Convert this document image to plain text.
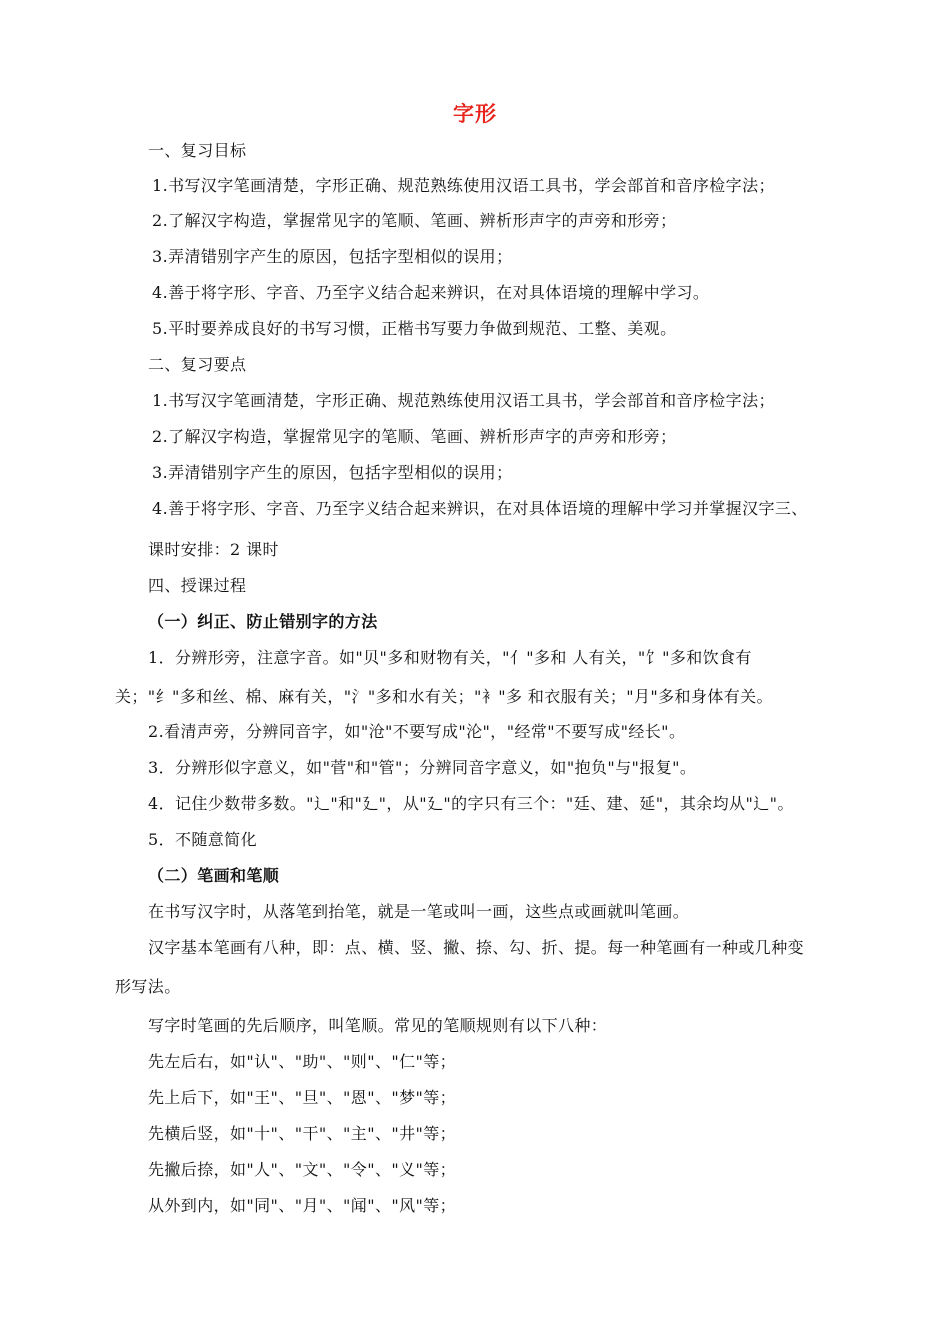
字形
一、复习目标
1.书写汉字笔画清楚，字形正确、规范熟练使用汉语工具书，学会部首和音序检字法；
2.了解汉字构造，掌握常见字的笔顺、笔画、辨析形声字的声旁和形旁；
3.弄清错别字产生的原因，包括字型相似的误用；
4.善于将字形、字音、乃至字义结合起来辨识，在对具体语境的理解中学习。
5.平时要养成良好的书写习惯，正楷书写要力争做到规范、工整、美观。
二、复习要点
1.书写汉字笔画清楚，字形正确、规范熟练使用汉语工具书，学会部首和音序检字法；
2.了解汉字构造，掌握常见字的笔顺、笔画、辨析形声字的声旁和形旁；
3.弄清错别字产生的原因，包括字型相似的误用；
4.善于将字形、字音、乃至字义结合起来辨识，在对具体语境的理解中学习并掌握汉字三、
课时安排：2 课时
四、授课过程
（一）纠正、防止错别字的方法
1．分辨形旁，注意字音。如"贝"多和财物有关，"亻"多和 人有关，"饣"多和饮食有
关；"纟"多和丝、棉、麻有关，"氵"多和水有关；"衤"多 和衣服有关；"月"多和身体有关。
2.看清声旁，分辨同音字，如"沧"不要写成"沦"，"经常"不要写成"经长"。
3．分辨形似字意义，如"菅"和"管"；分辨同音字意义，如"抱负"与"报复"。
4．记住少数带多数。"辶"和"廴"，从"廴"的字只有三个："廷、建、延"，其余均从"辶"。
5．不随意简化
（二）笔画和笔顺
在书写汉字时，从落笔到抬笔，就是一笔或叫一画，这些点或画就叫笔画。
汉字基本笔画有八种，即：点、横、竖、撇、捺、勾、折、提。每一种笔画有一种或几种变
形写法。
写字时笔画的先后顺序，叫笔顺。常见的笔顺规则有以下八种：
先左后右，如"认"、"助"、"则"、"仁"等；
先上后下，如"王"、"旦"、"恩"、"梦"等；
先横后竖，如"十"、"干"、"主"、"井"等；
先撇后捺，如"人"、"文"、"令"、"义"等；
从外到内，如"同"、"月"、"闻"、"风"等；
